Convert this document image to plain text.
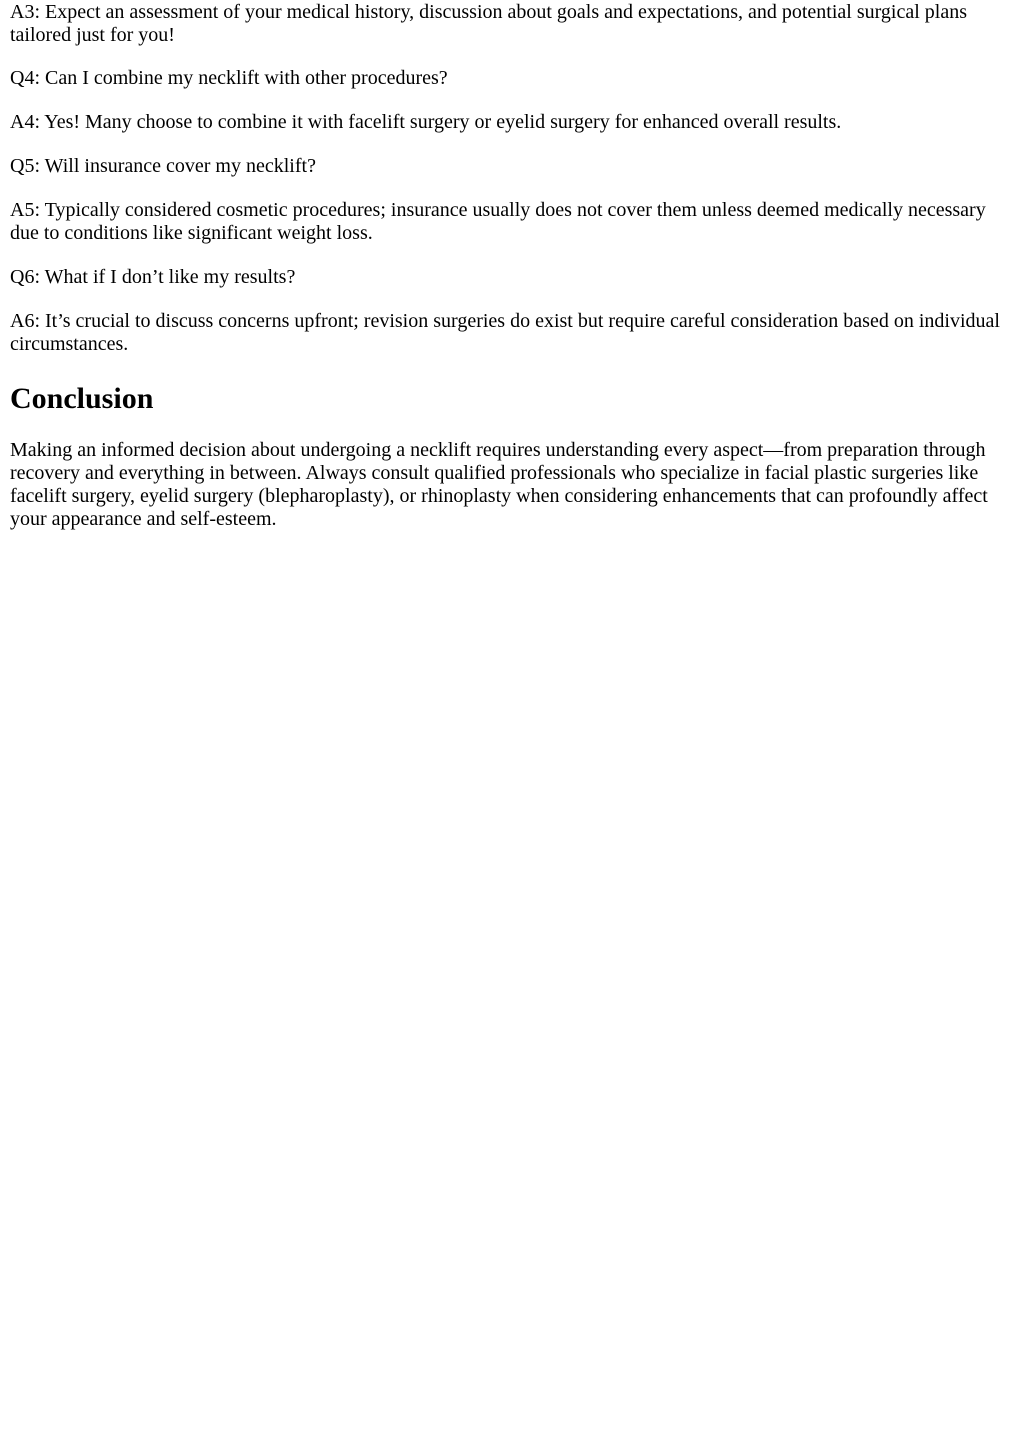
A3: Expect an assessment of your medical history, discussion about goals and expectations, and potential surgical plans tailored just for you!

Q4: Can I combine my necklift with other procedures?

A4: Yes! Many choose to combine it with facelift surgery or eyelid surgery for enhanced overall results.

Q5: Will insurance cover my necklift?

A5: Typically considered cosmetic procedures; insurance usually does not cover them unless deemed medically necessary due to conditions like significant weight loss.

Q6: What if I don’t like my results?

A6: It’s crucial to discuss concerns upfront; revision surgeries do exist but require careful consideration based on individual circumstances.

Conclusion

Making an informed decision about undergoing a necklift requires understanding every aspect—from preparation through recovery and everything in between. Always consult qualified professionals who specialize in facial plastic surgeries like facelift surgery, eyelid surgery (blepharoplasty), or rhinoplasty when considering enhancements that can profoundly affect your appearance and self-esteem.
